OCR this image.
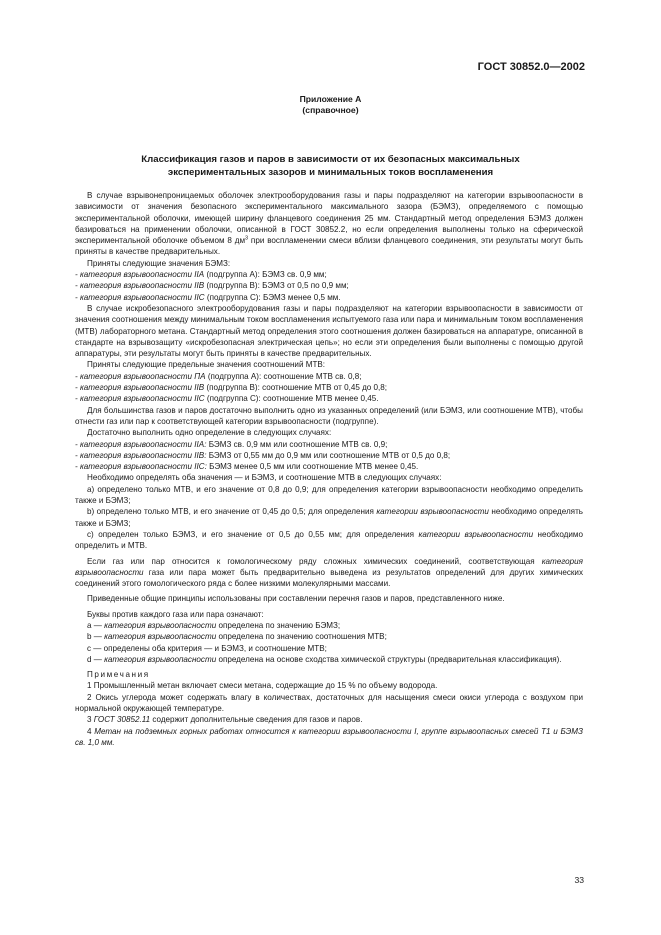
ГОСТ 30852.0—2002
Приложение А
(справочное)
Классификация газов и паров в зависимости от их безопасных максимальных
экспериментальных зазоров и минимальных токов воспламенения

В случае взрывонепроницаемых оболочек электрооборудования газы и пары подразделяют на категории взрывоопасности в зависимости от значения безопасного экспериментального максимального зазора (БЭМЗ), определяемого с помощью экспериментальной оболочки, имеющей ширину фланцевого соединения 25 мм. Стандартный метод определения БЭМЗ должен базироваться на применении оболочки, описанной в ГОСТ 30852.2, но если определения выполнены только на сферической экспериментальной оболочке объемом 8 $дм^3$ при воспламенении смеси вблизи фланцевого соединения, эти результаты могут быть приняты в качестве предварительных.

Приняты следующие значения БЭМЗ:

- категория взрывоопасности IIA (подгруппа А): БЭМЗ св. 0,9 мм;

- категория взрывоопасности IIB (подгруппа В): БЭМЗ от 0,5 по 0,9 мм;

- категория взрывоопасности IIC (подгруппа С): БЭМЗ менее 0,5 мм.

В случае искробезопасного электрооборудования газы и пары подразделяют на категории взрывоопасности в зависимости от значения соотношения между минимальным током воспламенения испытуемого газа или пара и минимальным током воспламенения (МТВ) лабораторного метана. Стандартный метод определения этого соотношения должен базироваться на аппаратуре, описанной в стандарте на взрывозащиту «искробезопасная электрическая цепь»; но если эти определения были выполнены с помощью другой аппаратуры, эти результаты могут быть приняты в качестве предварительных.

Приняты следующие предельные значения соотношений МТВ:

- категория взрывоопасности ПА (подгруппа А): соотношение МТВ св. 0,8;

- категория взрывоопасности IIB (подгруппа В): соотношение МТВ от 0,45 до 0,8;

- категория взрывоопасности IIC (подгруппа С): соотношение МТВ менее 0,45.

Для большинства газов и паров достаточно выполнить одно из указанных определений (или БЭМЗ, или соотношение МТВ), чтобы отнести газ или пар к соответствующей категории взрывоопасности (подгруппе).

Достаточно выполнить одно определение в следующих случаях:

- категория взрывоопасности IIA: БЭМЗ св. 0,9 мм или соотношение МТВ св. 0,9;

- категория взрывоопасности IIB: БЭМЗ от 0,55 мм до 0,9 мм или соотношение МТВ от 0,5 до 0,8;

- категория взрывоопасности IIC: БЭМЗ менее 0,5 мм или соотношение МТВ менее 0,45.

Необходимо определять оба значения — и БЭМЗ, и соотношение МТВ в следующих случаях:

а) определено только МТВ, и его значение от 0,8 до 0,9; для определения категории взрывоопасности необходимо определить также и БЭМЗ;

b) определено только МТВ, и его значение от 0,45 до 0,5; для определения категории взрывоопасности необходимо определять также и БЭМЗ;

с) определен только БЭМЗ, и его значение от 0,5 до 0,55 мм; для определения категории взрывоопасности необходимо определить и МТВ.

Если газ или пар относится к гомологическому ряду сложных химических соединений, соответствующая категория взрывоопасности газа или пара может быть предварительно выведена из результатов определений для других химических соединений этого гомологического ряда с более низкими молекулярными массами.

Приведенные общие принципы использованы при составлении перечня газов и паров, представленного ниже.

Буквы против каждого газа или пара означают:

а — категория взрывоопасности определена по значению БЭМЗ;

b — категория взрывоопасности определена по значению соотношения МТВ;

с — определены оба критерия — и БЭМЗ, и соотношение МТВ;

d — категория взрывоопасности определена на основе сходства химической структуры (предварительная классификация).

Примечания

1 Промышленный метан включает смеси метана, содержащие до 15 % по объему водорода.

2 Окись углерода может содержать влагу в количествах, достаточных для насыщения смеси окиси углерода с воздухом при нормальной окружающей температуре.

3 ГОСТ 30852.11 содержит дополнительные сведения для газов и паров.

4 Метан на подземных горных работах относится к категории взрывоопасности I, группе взрывоопасных смесей Т1 и БЭМЗ св. 1,0 мм.

33
